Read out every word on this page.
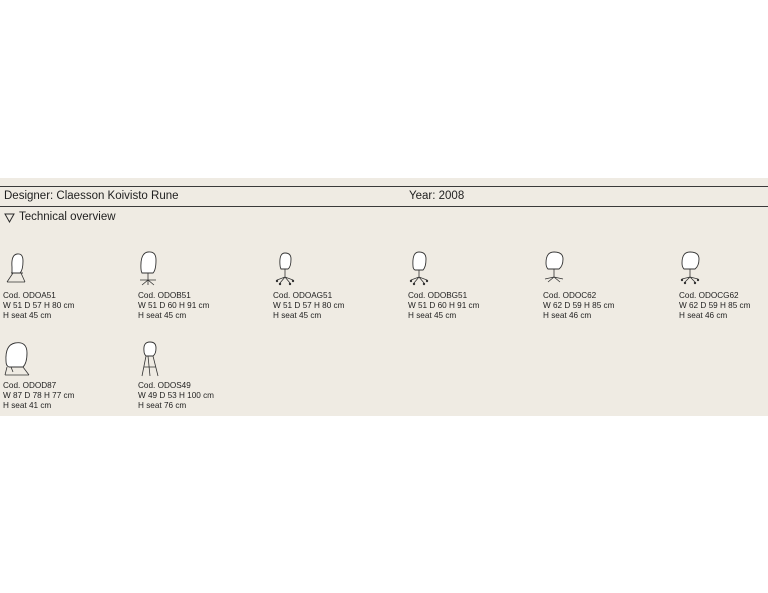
Designer: Claesson Koivisto Rune	Year: 2008
Technical overview
Cod. ODOA51
W 51 D 57 H 80 cm
H seat 45 cm
Cod. ODOB51
W 51 D 60 H 91 cm
H seat 45 cm
Cod. ODOAG51
W 51 D 57 H 80 cm
H seat 45 cm
Cod. ODOBG51
W 51 D 60 H 91 cm
H seat 45 cm
Cod. ODOC62
W 62 D 59 H 85 cm
H seat 46 cm
Cod. ODOCG62
W 62 D 59 H 85 cm
H seat 46 cm
Cod. ODOD87
W 87 D 78 H 77 cm
H seat 41 cm
Cod. ODOS49
W 49 D 53 H 100 cm
H seat 76 cm
